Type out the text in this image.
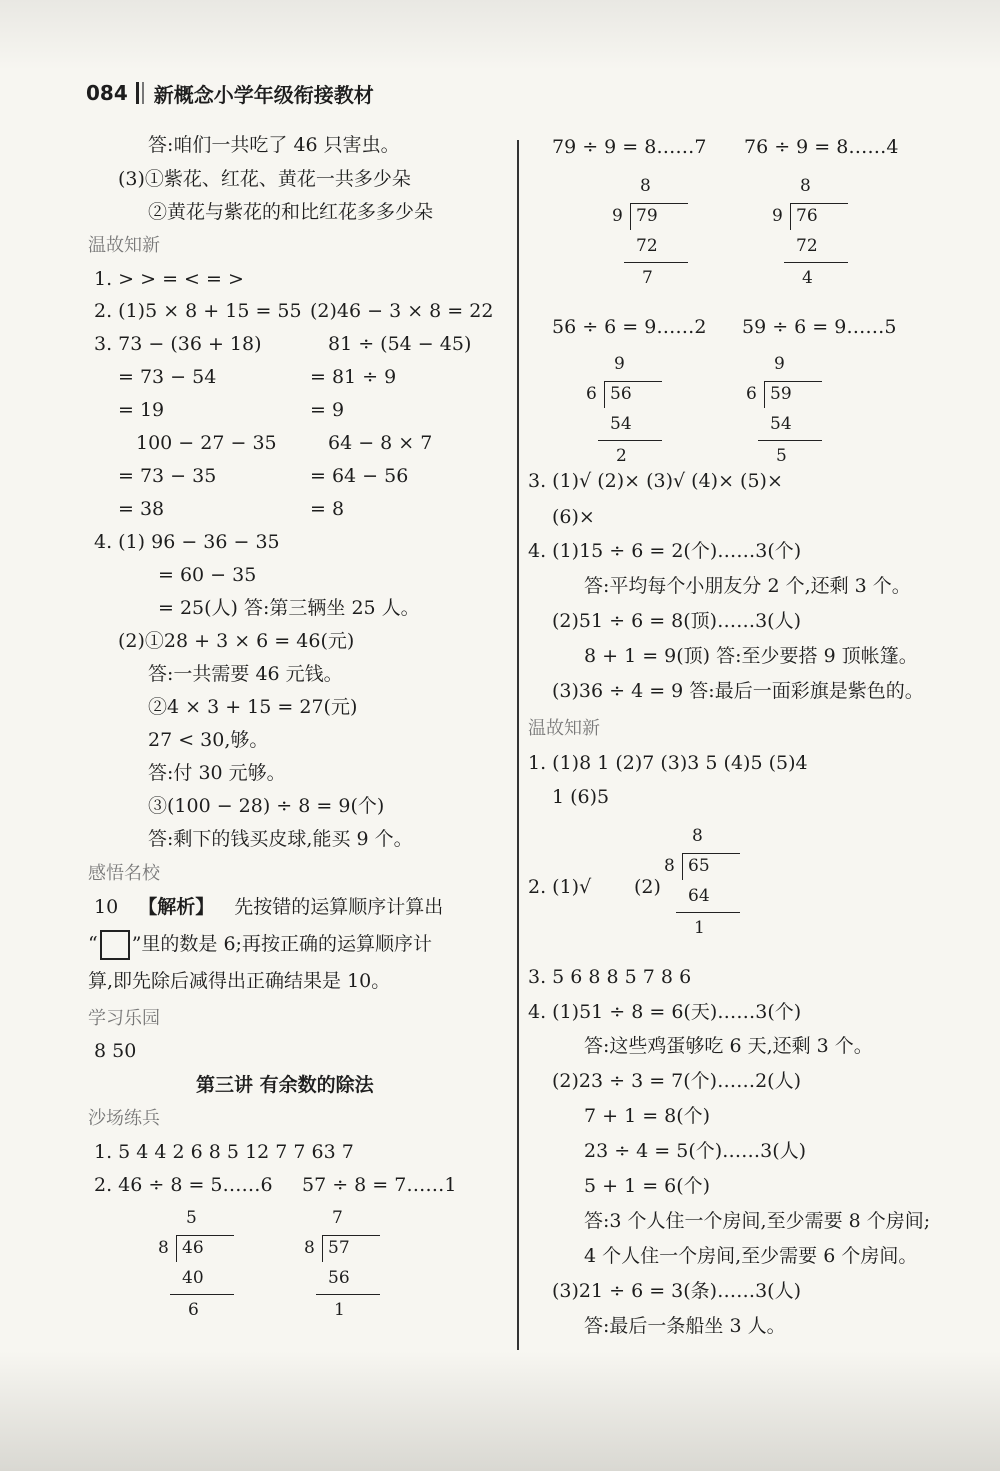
084 新概念小学年级衔接教材
答:咱们一共吃了 46 只害虫。
(3)①紫花、红花、黄花一共多少朵
②黄花与紫花的和比红花多多少朵
温故知新
1. > > = < = >
2. (1)5 × 8 + 15 = 55 (2)46 − 3 × 8 = 22
3. 73 − (36 + 18)	81 ÷ (54 − 45)
= 73 − 54	= 81 ÷ 9
= 19	= 9
100 − 27 − 35	64 − 8 × 7
= 73 − 35	= 64 − 56
= 38	= 8
4. (1) 96 − 36 − 35
= 60 − 35
= 25(人) 答:第三辆坐 25 人。
(2)①28 + 3 × 6 = 46(元)
答:一共需要 46 元钱。
②4 × 3 + 15 = 27(元)
27 < 30,够。
答:付 30 元够。
③(100 − 28) ÷ 8 = 9(个)
答:剩下的钱买皮球,能买 9 个。
感悟名校
10 【解析】 先按错的运算顺序计算出
“ ”里的数是 6;再按正确的运算顺序计
算,即先除后减得出正确结果是 10。
学习乐园
8 50
第三讲 有余数的除法
沙场练兵
1. 5 4 4 2 6 8 5 12 7 7 63 7
2. 46 ÷ 8 = 5……6 57 ÷ 8 = 7……1
5
8 46
40
6
7
8 57
56
1
79 ÷ 9 = 8……7 76 ÷ 9 = 8……4
8
9 79
72
7
8
9 76
72
4
56 ÷ 6 = 9……2 59 ÷ 6 = 9……5
9
6 56
54
2
9
6 59
54
5
3. (1)√ (2)× (3)√ (4)× (5)×
(6)×
4. (1)15 ÷ 6 = 2(个)……3(个)
答:平均每个小朋友分 2 个,还剩 3 个。
(2)51 ÷ 6 = 8(顶)……3(人)
8 + 1 = 9(顶) 答:至少要搭 9 顶帐篷。
(3)36 ÷ 4 = 9 答:最后一面彩旗是紫色的。
温故知新
1. (1)8 1 (2)7 (3)3 5 (4)5 (5)4
1 (6)5
2. (1)√ (2)
8
8 65
64
1
3. 5 6 8 8 5 7 8 6
4. (1)51 ÷ 8 = 6(天)……3(个)
答:这些鸡蛋够吃 6 天,还剩 3 个。
(2)23 ÷ 3 = 7(个)……2(人)
7 + 1 = 8(个)
23 ÷ 4 = 5(个)……3(人)
5 + 1 = 6(个)
答:3 个人住一个房间,至少需要 8 个房间;
4 个人住一个房间,至少需要 6 个房间。
(3)21 ÷ 6 = 3(条)……3(人)
答:最后一条船坐 3 人。
